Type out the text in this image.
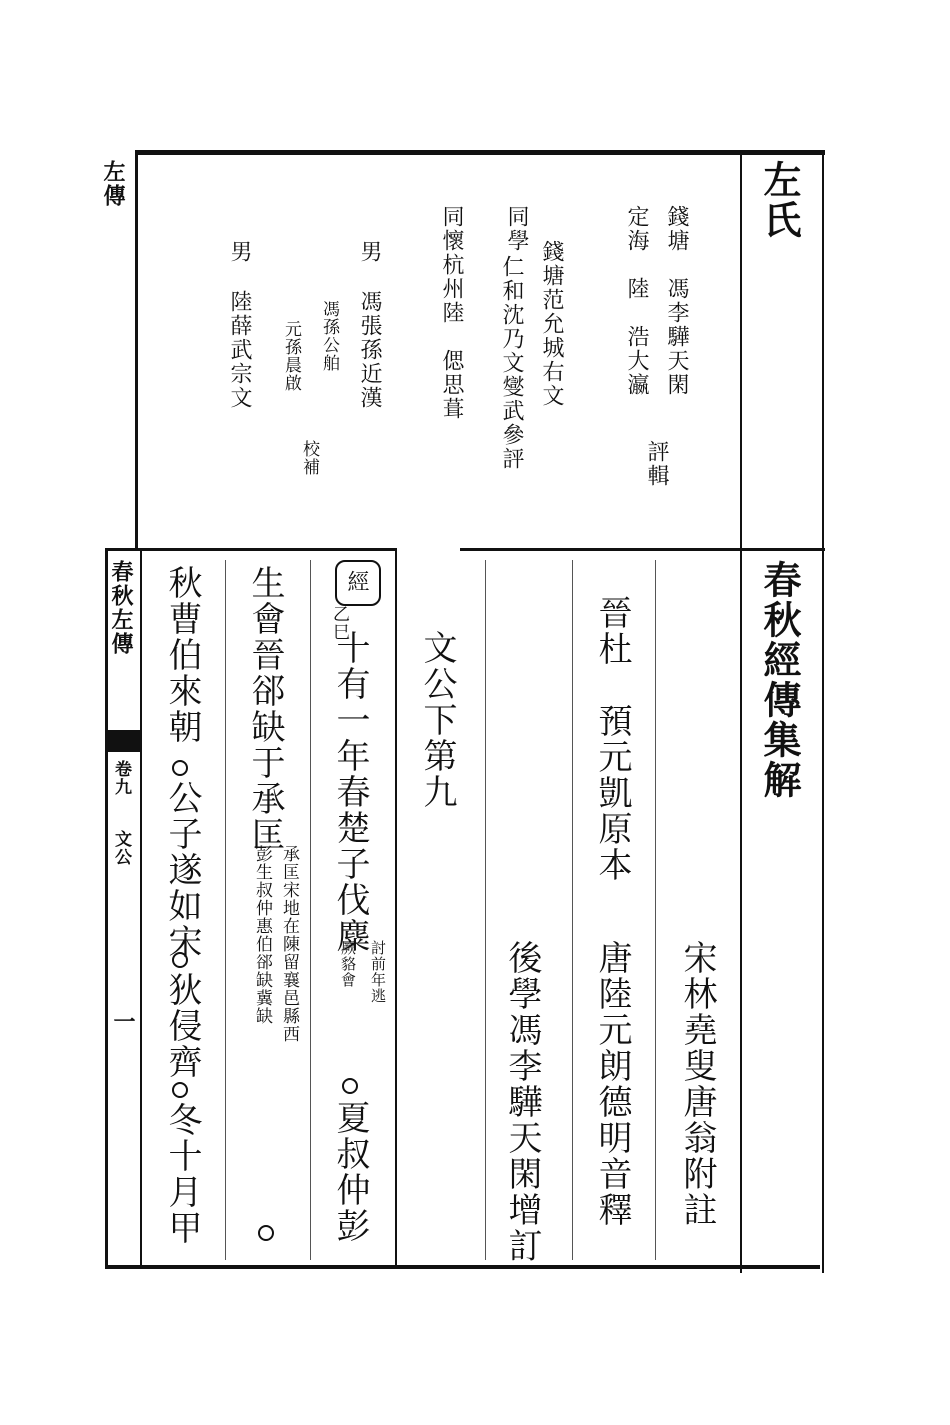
左傳	左氏
錢塘　馮李驊天閑
定海　陸　浩大瀛
評輯
錢塘范允城右文
同學
仁和沈乃文燮武參評
同懷杭州陸　偲思葺
男
馮張孫近漢
馮孫公舶
元孫晨啟
校補
男
陸薛武宗文
春秋經傳集解
宋林堯叟唐翁附註
唐陸元朗德明音釋
晉杜　預元凱原本
後學馮李驊天閑增訂
文公下第九
經
乙巳
十有一年春楚子伐麋
討前年逃
厥貉會
夏叔仲彭
生會晉郤缺于承匡
承匡宋地在陳留襄邑縣西
彭生叔仲惠伯郤缺冀缺
秋曹伯來朝
公子遂如宋
狄侵齊
冬十月甲
春秋左傳
卷九
文公
一
